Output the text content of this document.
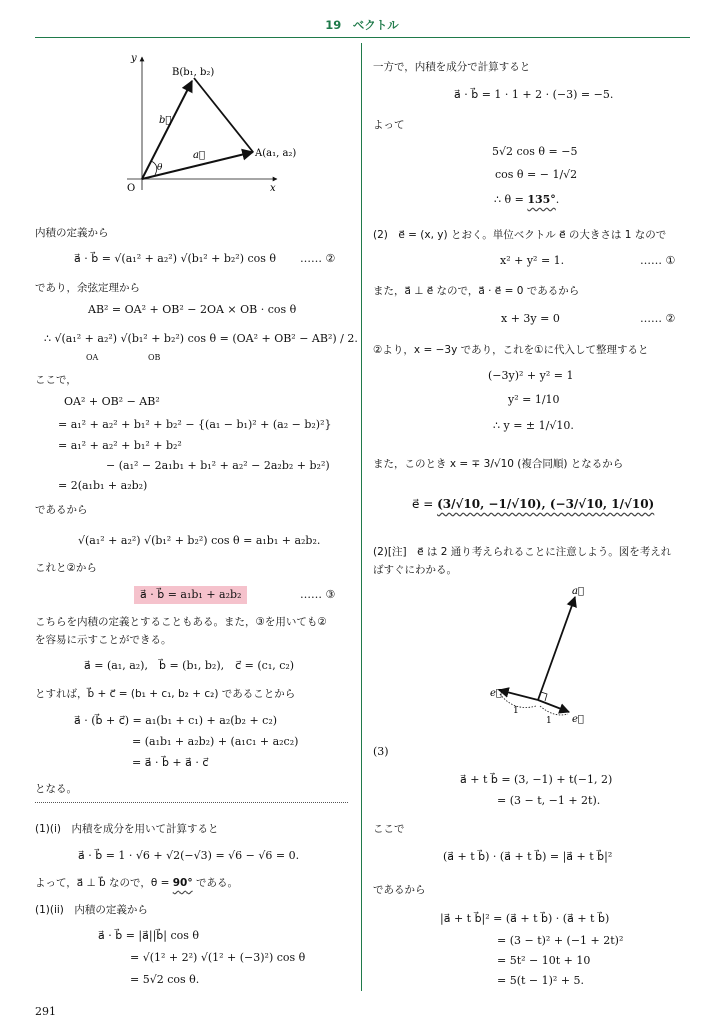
19　ベクトル
y
x
O
B(b₁, b₂)
A(a₁, a₂)
b⃗
a⃗
θ
内積の定義から
a⃗ · b⃗ = √(a₁² + a₂²) √(b₁² + b₂²) cos θ …… ②
であり，余弦定理から
AB² = OA² + OB² − 2OA × OB · cos θ
∴ √(a₁² + a₂²) √(b₁² + b₂²) cos θ = (OA² + OB² − AB²) / 2.
OA	OB
ここで，
OA² + OB² − AB²
= a₁² + a₂² + b₁² + b₂² − {(a₁ − b₁)² + (a₂ − b₂)²}
= a₁² + a₂² + b₁² + b₂²
− (a₁² − 2a₁b₁ + b₁² + a₂² − 2a₂b₂ + b₂²)
= 2(a₁b₁ + a₂b₂)
であるから
√(a₁² + a₂²) √(b₁² + b₂²) cos θ = a₁b₁ + a₂b₂.
これと②から
a⃗ · b⃗ = a₁b₁ + a₂b₂	…… ③
こちらを内積の定義とすることもある。また，③を用いても②
を容易に示すことができる。
a⃗ = (a₁, a₂),　b⃗ = (b₁, b₂),　c⃗ = (c₁, c₂)
とすれば，b⃗ + c⃗ = (b₁ + c₁, b₂ + c₂) であることから
a⃗ · (b⃗ + c⃗) = a₁(b₁ + c₁) + a₂(b₂ + c₂)
= (a₁b₁ + a₂b₂) + (a₁c₁ + a₂c₂)
= a⃗ · b⃗ + a⃗ · c⃗
となる。
(1)(i)　内積を成分を用いて計算すると
a⃗ · b⃗ = 1 · √6 + √2(−√3) = √6 − √6 = 0.
よって，a⃗ ⊥ b⃗ なので，θ = 90° である。
(1)(ii)　内積の定義から
a⃗ · b⃗ = |a⃗||b⃗| cos θ
= √(1² + 2²) √(1² + (−3)²) cos θ
= 5√2 cos θ.
291
一方で，内積を成分で計算すると
a⃗ · b⃗ = 1 · 1 + 2 · (−3) = −5.
よって
5√2 cos θ = −5
cos θ = − 1/√2
∴ θ = 135°.
(2)　e⃗ = (x, y) とおく。単位ベクトル e⃗ の大きさは 1 なので
x² + y² = 1.	…… ①
また，a⃗ ⊥ e⃗ なので，a⃗ · e⃗ = 0 であるから
x + 3y = 0	…… ②
②より，x = −3y であり，これを①に代入して整理すると
(−3y)² + y² = 1
y² = 1/10
∴ y = ± 1/√10.
また，このとき x = ∓ 3/√10 (複合同順) となるから
e⃗ = (3/√10, −1/√10), (−3/√10, 1/√10)
(2)[注]　e⃗ は 2 通り考えられることに注意しよう。図を考えれ
ばすぐにわかる。
a⃗
e⃗
e⃗
1
1
(3)
a⃗ + t b⃗ = (3, −1) + t(−1, 2)
= (3 − t, −1 + 2t).
ここで
(a⃗ + t b⃗) · (a⃗ + t b⃗) = |a⃗ + t b⃗|²
であるから
|a⃗ + t b⃗|² = (a⃗ + t b⃗) · (a⃗ + t b⃗)
= (3 − t)² + (−1 + 2t)²
= 5t² − 10t + 10
= 5(t − 1)² + 5.
